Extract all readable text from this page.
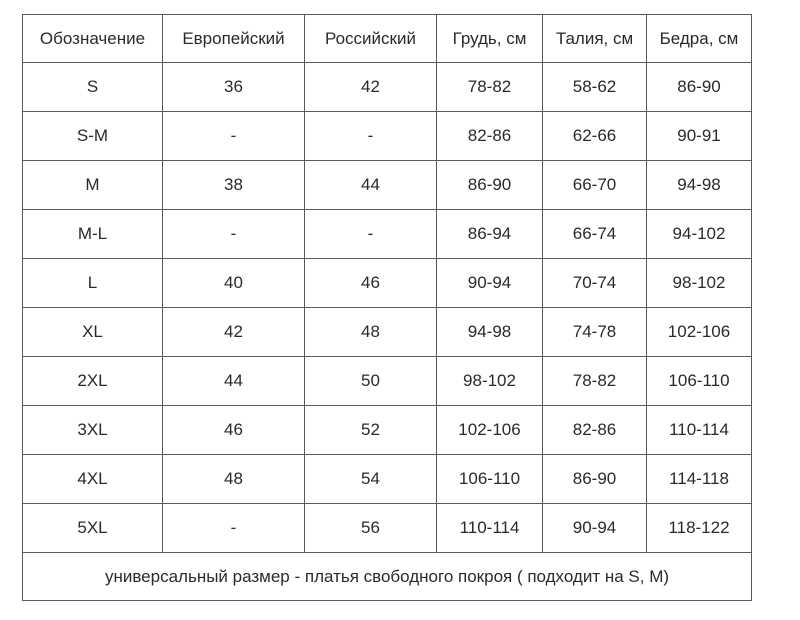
Обозначение	Европейский	Российский	Грудь, см	Талия, см	Бедра, см
S	36	42	78-82	58-62	86-90
S-M	-	-	82-86	62-66	90-91
M	38	44	86-90	66-70	94-98
M-L	-	-	86-94	66-74	94-102
L	40	46	90-94	70-74	98-102
XL	42	48	94-98	74-78	102-106
2XL	44	50	98-102	78-82	106-110
3XL	46	52	102-106	82-86	110-114
4XL	48	54	106-110	86-90	114-118
5XL	-	56	110-114	90-94	118-122
универсальный размер - платья свободного покроя ( подходит на S, M)					
